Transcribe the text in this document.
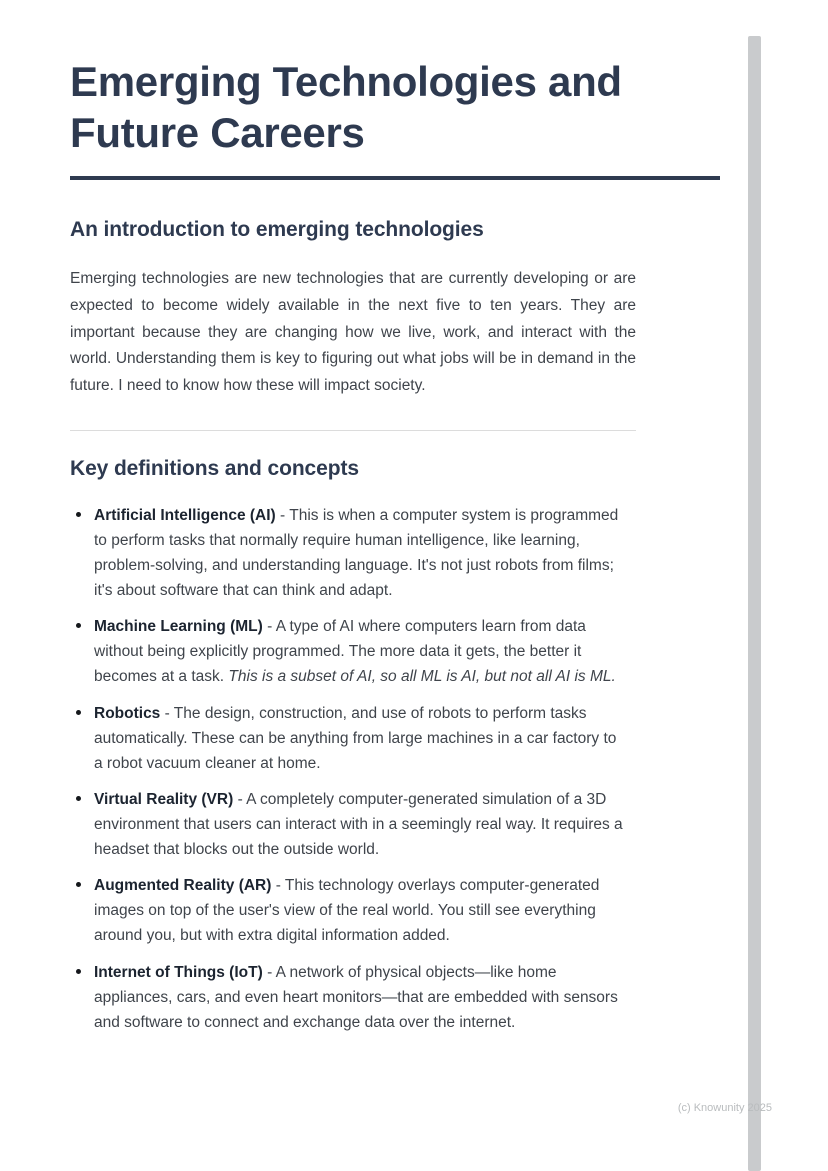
Emerging Technologies and Future Careers
An introduction to emerging technologies

Emerging technologies are new technologies that are currently developing or are expected to become widely available in the next five to ten years. They are important because they are changing how we live, work, and interact with the world. Understanding them is key to figuring out what jobs will be in demand in the future. I need to know how these will impact society.

Key definitions and concepts
Artificial Intelligence (AI) - This is when a computer system is programmed to perform tasks that normally require human intelligence, like learning, problem-solving, and understanding language. It's not just robots from films; it's about software that can think and adapt.
Machine Learning (ML) - A type of AI where computers learn from data without being explicitly programmed. The more data it gets, the better it becomes at a task. This is a subset of AI, so all ML is AI, but not all AI is ML.
Robotics - The design, construction, and use of robots to perform tasks automatically. These can be anything from large machines in a car factory to a robot vacuum cleaner at home.
Virtual Reality (VR) - A completely computer-generated simulation of a 3D environment that users can interact with in a seemingly real way. It requires a headset that blocks out the outside world.
Augmented Reality (AR) - This technology overlays computer-generated images on top of the user's view of the real world. You still see everything around you, but with extra digital information added.
Internet of Things (IoT) - A network of physical objects—like home appliances, cars, and even heart monitors—that are embedded with sensors and software to connect and exchange data over the internet.
(c) Knowunity 2025
